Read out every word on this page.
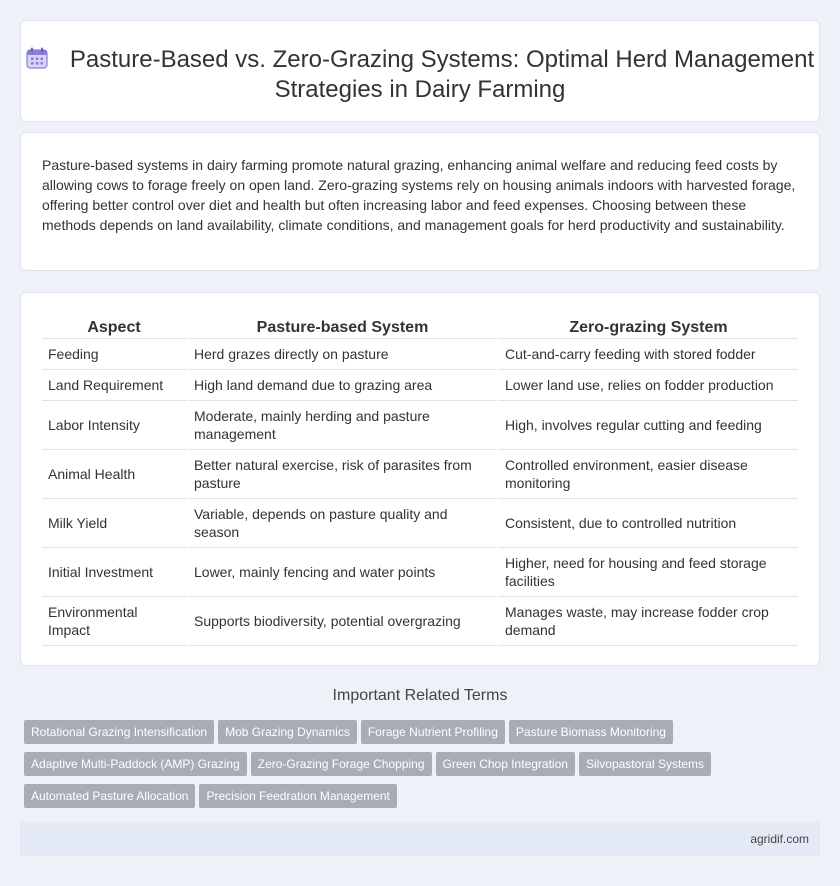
Pasture-Based vs. Zero-Grazing Systems: Optimal Herd Management Strategies in Dairy Farming

Pasture-based systems in dairy farming promote natural grazing, enhancing animal welfare and reducing feed costs by allowing cows to forage freely on open land. Zero-grazing systems rely on housing animals indoors with harvested forage, offering better control over diet and health but often increasing labor and feed expenses. Choosing between these methods depends on land availability, climate conditions, and management goals for herd productivity and sustainability.

Aspect	Pasture-based System	Zero-grazing System
Feeding	Herd grazes directly on pasture	Cut-and-carry feeding with stored fodder
Land Requirement	High land demand due to grazing area	Lower land use, relies on fodder production
Labor Intensity	Moderate, mainly herding and pasture management	High, involves regular cutting and feeding
Animal Health	Better natural exercise, risk of parasites from pasture	Controlled environment, easier disease monitoring
Milk Yield	Variable, depends on pasture quality and season	Consistent, due to controlled nutrition
Initial Investment	Lower, mainly fencing and water points	Higher, need for housing and feed storage facilities
Environmental Impact	Supports biodiversity, potential overgrazing	Manages waste, may increase fodder crop demand
Important Related Terms
Rotational Grazing Intensification Mob Grazing Dynamics Forage Nutrient Profiling Pasture Biomass Monitoring
Adaptive Multi-Paddock (AMP) Grazing Zero-Grazing Forage Chopping Green Chop Integration Silvopastoral Systems
Automated Pasture Allocation Precision Feedration Management
agridif.com
